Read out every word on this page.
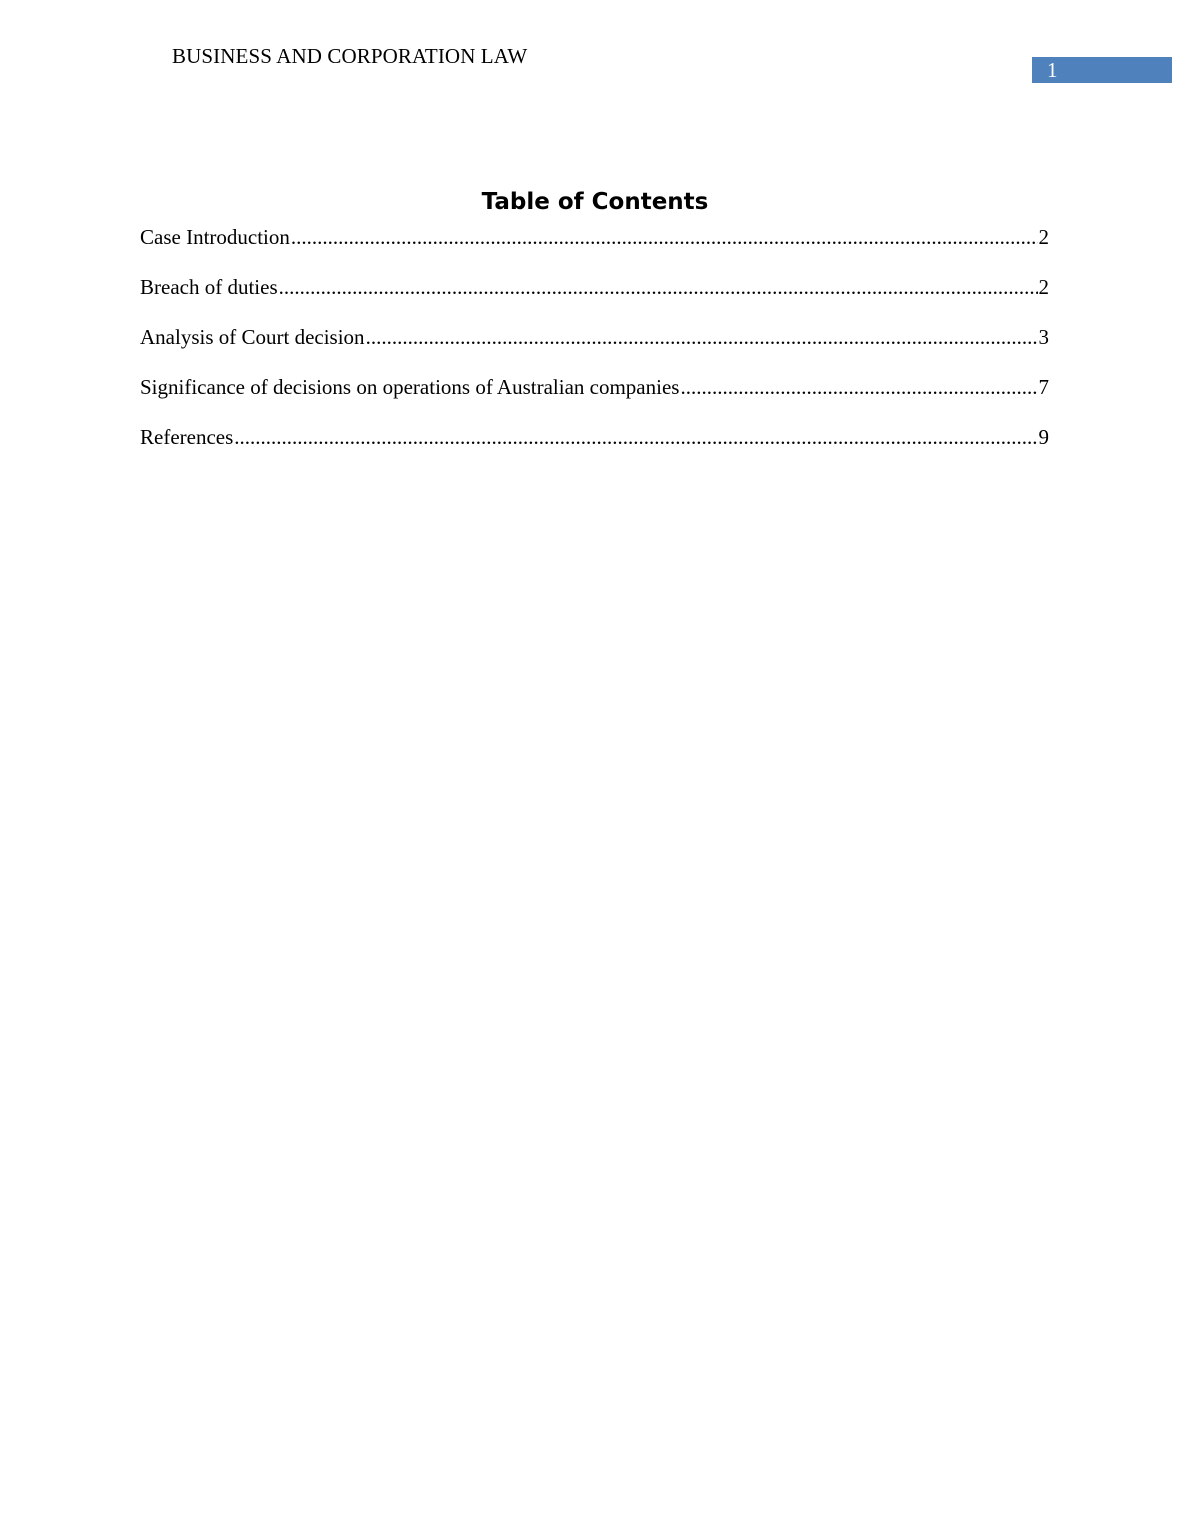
BUSINESS AND CORPORATION LAW
1
Table of Contents
Case Introduction .....	2
Breach of duties .....	2
Analysis of Court decision .....	3
Significance of decisions on operations of Australian companies .....	7
References .....	9
